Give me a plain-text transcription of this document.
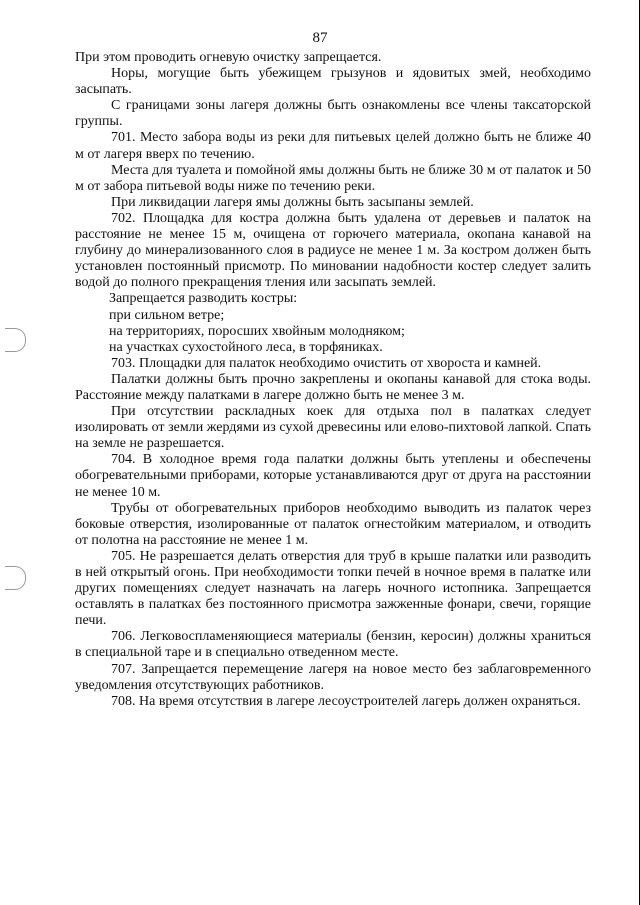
87

При этом проводить огневую очистку запрещается.

Норы, могущие быть убежищем грызунов и ядовитых змей, необходимо засыпать.

С границами зоны лагеря должны быть ознакомлены все члены таксаторской группы.

701. Место забора воды из реки для питьевых целей должно быть не ближе 40 м от лагеря вверх по течению.

Места для туалета и помойной ямы должны быть не ближе 30 м от палаток и 50 м от забора питьевой воды ниже по течению реки.

При ликвидации лагеря ямы должны быть засыпаны землей.

702. Площадка для костра должна быть удалена от деревьев и палаток на расстояние не менее 15 м, очищена от горючего материала, окопана канавой на глубину до минерализованного слоя в радиусе не менее 1 м. За костром должен быть установлен постоянный присмотр. По миновании надобности костер следует залить водой до полного прекращения тления или засыпать землей.

Запрещается разводить костры:

при сильном ветре;

на территориях, поросших хвойным молодняком;

на участках сухостойного леса, в торфяниках.

703. Площадки для палаток необходимо очистить от хвороста и камней.

Палатки должны быть прочно закреплены и окопаны канавой для стока воды. Расстояние между палатками в лагере должно быть не менее 3 м.

При отсутствии раскладных коек для отдыха пол в палатках следует изолировать от земли жердями из сухой древесины или елово-пихтовой лапкой. Спать на земле не разрешается.

704. В холодное время года палатки должны быть утеплены и обеспечены обогревательными приборами, которые устанавливаются друг от друга на расстоянии не менее 10 м.

Трубы от обогревательных приборов необходимо выводить из палаток через боковые отверстия, изолированные от палаток огнестойким материалом, и отводить от полотна на расстояние не менее 1 м.

705. Не разрешается делать отверстия для труб в крыше палатки или разводить в ней открытый огонь. При необходимости топки печей в ночное время в палатке или других помещениях следует назначать на лагерь ночного истопника. Запрещается оставлять в палатках без постоянного присмотра зажженные фонари, свечи, горящие печи.

706. Легковоспламеняющиеся материалы (бензин, керосин) должны храниться в специальной таре и в специально отведенном месте.

707. Запрещается перемещение лагеря на новое место без заблаговременного уведомления отсутствующих работников.

708. На время отсутствия в лагере лесоустроителей лагерь должен охраняться.
